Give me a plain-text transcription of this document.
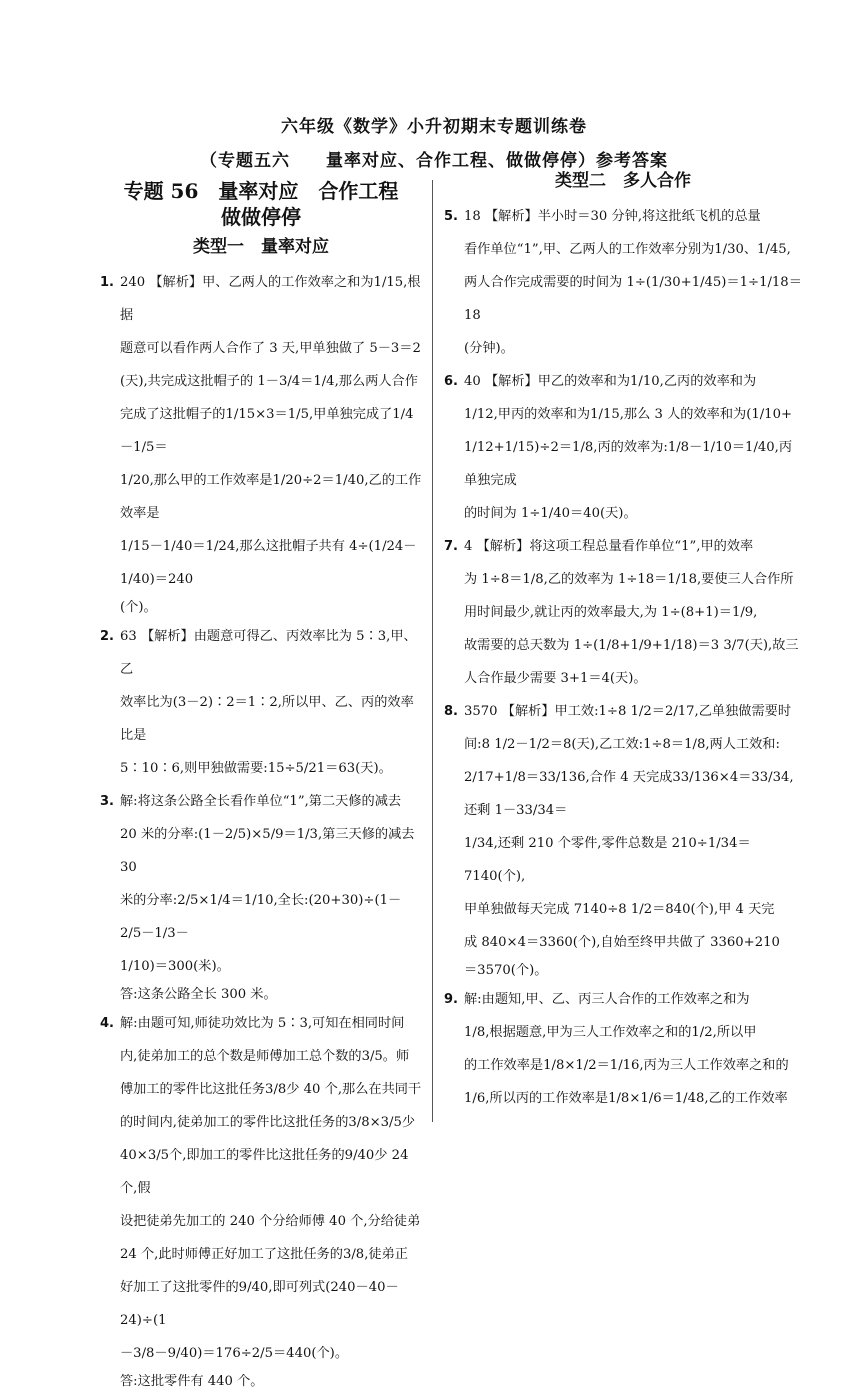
六年级《数学》小升初期末专题训练卷
（专题五六　　量率对应、合作工程、做做停停）参考答案
专题 56　量率对应　合作工程
做做停停
类型一　量率对应
1. 240 【解析】甲、乙两人的工作效率之和为1/15,根据

题意可以看作两人合作了 3 天,甲单独做了 5－3＝2

(天),共完成这批帽子的 1－3/4＝1/4,那么两人合作

完成了这批帽子的1/15×3＝1/5,甲单独完成了1/4－1/5＝

1/20,那么甲的工作效率是1/20÷2＝1/40,乙的工作效率是

1/15－1/40＝1/24,那么这批帽子共有 4÷(1/24－1/40)＝240

(个)。

2. 63 【解析】由题意可得乙、丙效率比为 5∶3,甲、乙

效率比为(3－2)∶2＝1∶2,所以甲、乙、丙的效率比是

5∶10∶6,则甲独做需要:15÷5/21＝63(天)。

3. 解:将这条公路全长看作单位“1”,第二天修的减去

20 米的分率:(1－2/5)×5/9＝1/3,第三天修的减去 30

米的分率:2/5×1/4＝1/10,全长:(20+30)÷(1－2/5－1/3－

1/10)＝300(米)。

答:这条公路全长 300 米。

4. 解:由题可知,师徒功效比为 5∶3,可知在相同时间

内,徒弟加工的总个数是师傅加工总个数的3/5。师

傅加工的零件比这批任务3/8少 40 个,那么在共同干

的时间内,徒弟加工的零件比这批任务的3/8×3/5少

40×3/5个,即加工的零件比这批任务的9/40少 24 个,假

设把徒弟先加工的 240 个分给师傅 40 个,分给徒弟

24 个,此时师傅正好加工了这批任务的3/8,徒弟正

好加工了这批零件的9/40,即可列式(240－40－24)÷(1

－3/8－9/40)＝176÷2/5＝440(个)。

答:这批零件有 440 个。

类型二　多人合作
5. 18 【解析】半小时＝30 分钟,将这批纸飞机的总量

看作单位“1”,甲、乙两人的工作效率分别为1/30、1/45,

两人合作完成需要的时间为 1÷(1/30+1/45)＝1÷1/18＝18

(分钟)。

6. 40 【解析】甲乙的效率和为1/10,乙丙的效率和为

1/12,甲丙的效率和为1/15,那么 3 人的效率和为(1/10+

1/12+1/15)÷2＝1/8,丙的效率为:1/8－1/10＝1/40,丙单独完成

的时间为 1÷1/40＝40(天)。

7. 4 【解析】将这项工程总量看作单位“1”,甲的效率

为 1÷8＝1/8,乙的效率为 1÷18＝1/18,要使三人合作所

用时间最少,就让丙的效率最大,为 1÷(8+1)＝1/9,

故需要的总天数为 1÷(1/8+1/9+1/18)＝3 3/7(天),故三

人合作最少需要 3+1＝4(天)。

8. 3570 【解析】甲工效:1÷8 1/2＝2/17,乙单独做需要时

间:8 1/2－1/2＝8(天),乙工效:1÷8＝1/8,两人工效和:

2/17+1/8＝33/136,合作 4 天完成33/136×4＝33/34,还剩 1－33/34＝

1/34,还剩 210 个零件,零件总数是 210÷1/34＝7140(个),

甲单独做每天完成 7140÷8 1/2＝840(个),甲 4 天完

成 840×4＝3360(个),自始至终甲共做了 3360+210

＝3570(个)。

9. 解:由题知,甲、乙、丙三人合作的工作效率之和为

1/8,根据题意,甲为三人工作效率之和的1/2,所以甲

的工作效率是1/8×1/2＝1/16,丙为三人工作效率之和的

1/6,所以丙的工作效率是1/8×1/6＝1/48,乙的工作效率
